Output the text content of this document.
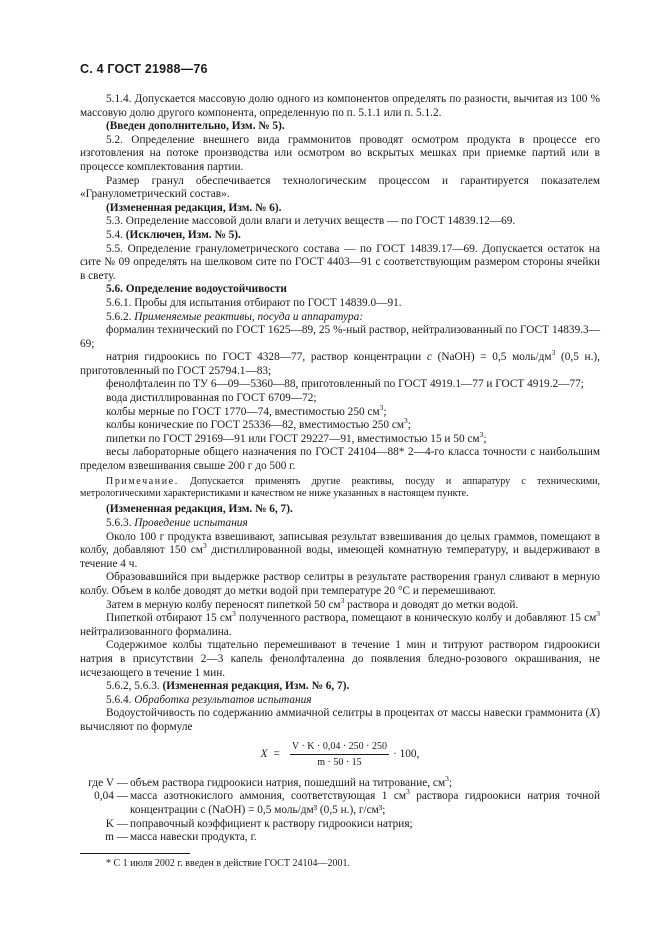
С. 4 ГОСТ 21988—76

5.1.4. Допускается массовую долю одного из компонентов определять по разности, вычитая из 100 % массовую долю другого компонента, определенную по п. 5.1.1 или п. 5.1.2.

(Введен дополнительно, Изм. № 5).

5.2. Определение внешнего вида граммонитов проводят осмотром продукта в процессе его изготовления на потоке производства или осмотром во вскрытых мешках при приемке партий или в процессе комплектования партии.

Размер гранул обеспечивается технологическим процессом и гарантируется показателем «Гранулометрический состав».

(Измененная редакция, Изм. № 6).

5.3. Определение массовой доли влаги и летучих веществ — по ГОСТ 14839.12—69.

5.4. (Исключен, Изм. № 5).

5.5. Определение гранулометрического состава — по ГОСТ 14839.17—69. Допускается остаток на сите № 09 определять на шелковом сите по ГОСТ 4403—91 с соответствующим размером стороны ячейки в свету.

5.6. Определение водоустойчивости

5.6.1. Пробы для испытания отбирают по ГОСТ 14839.0—91.

5.6.2. Применяемые реактивы, посуда и аппаратура:

формалин технический по ГОСТ 1625—89, 25 %-ный раствор, нейтрализованный по ГОСТ 14839.3—69;

натрия гидроокись по ГОСТ 4328—77, раствор концентрации c (NaOH) = 0,5 моль/$дм^3$ (0,5 н.), приготовленный по ГОСТ 25794.1—83;

фенолфталеин по ТУ 6—09—5360—88, приготовленный по ГОСТ 4919.1—77 и ГОСТ 4919.2—77;

вода дистиллированная по ГОСТ 6709—72;

колбы мерные по ГОСТ 1770—74, вместимостью 250 $см^3$;

колбы конические по ГОСТ 25336—82, вместимостью 250 $см^3$;

пипетки по ГОСТ 29169—91 или ГОСТ 29227—91, вместимостью 15 и 50 $см^3$;

весы лабораторные общего назначения по ГОСТ 24104—88* 2—4-го класса точности с наибольшим пределом взвешивания свыше 200 г до 500 г.

Примечание. Допускается применять другие реактивы, посуду и аппаратуру с техническими, метрологическими характеристиками и качеством не ниже указанных в настоящем пункте.

(Измененная редакция, Изм. № 6, 7).

5.6.3. Проведение испытания

Около 100 г продукта взвешивают, записывая результат взвешивания до целых граммов, помещают в колбу, добавляют 150 $см^3$ дистиллированной воды, имеющей комнатную температуру, и выдерживают в течение 4 ч.

Образовавшийся при выдержке раствор селитры в результате растворения гранул сливают в мерную колбу. Объем в колбе доводят до метки водой при температуре 20 °С и перемешивают.

Затем в мерную колбу переносят пипеткой 50 $см^3$ раствора и доводят до метки водой.

Пипеткой отбирают 15 $см^3$ полученного раствора, помещают в коническую колбу и добавляют 15 $см^3$ нейтрализованного формалина.

Содержимое колбы тщательно перемешивают в течение 1 мин и титруют раствором гидроокиси натрия в присутствии 2—3 капель фенолфталеина до появления бледно-розового окрашивания, не исчезающего в течение 1 мин.

5.6.2, 5.6.3. (Измененная редакция, Изм. № 6, 7).

5.6.4. Обработка результатов испытания

Водоустойчивость по содержанию аммиачной селитры в процентах от массы навески граммонита (X) вычисляют по формуле

$X = \frac{V \cdot K \cdot 0,04 \cdot 250 \cdot 250}{m \cdot 50 \cdot 15} \cdot 100$,
где V —	объем раствора гидроокиси натрия, пошедший на титрование, $см^3$;
0,04 —	масса азотнокислого аммония, соответствующая 1 $см^3$ раствора гидроокиси натрия точной концентрации c (NaOH) = 0,5 моль/дм³ (0,5 н.), г/см³;
K —	поправочный коэффициент к раствору гидроокиси натрия;
m —	масса навески продукта, г.

* С 1 июля 2002 г. введен в действие ГОСТ 24104—2001.
